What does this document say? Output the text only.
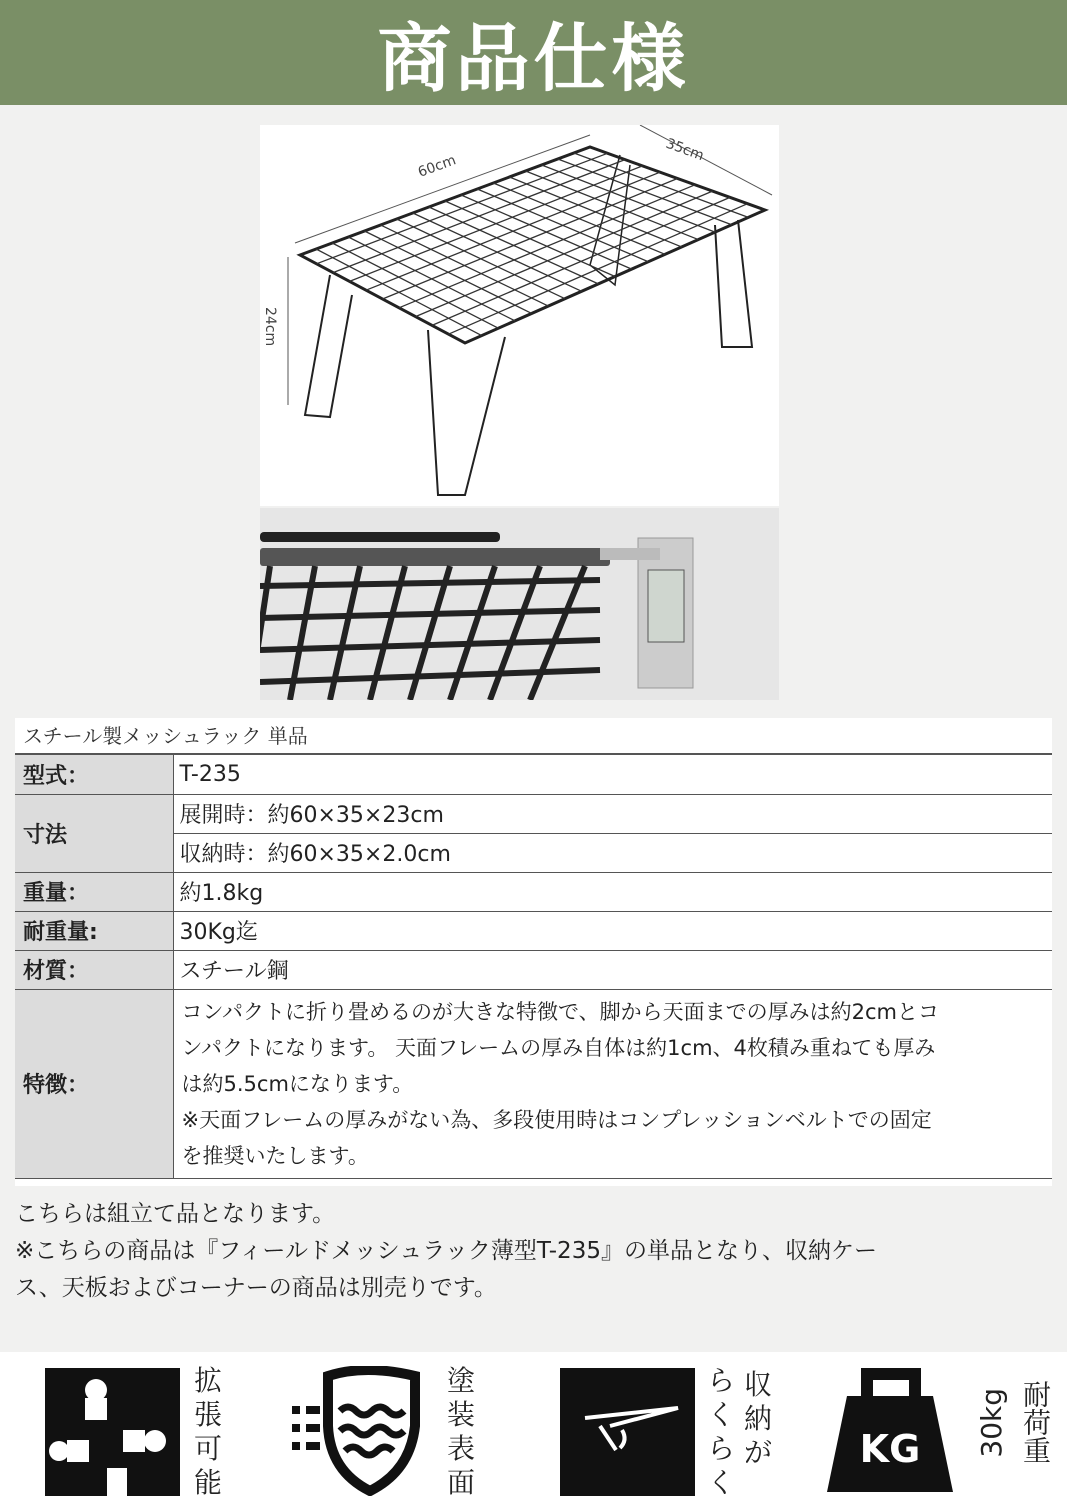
商品仕様
60cm
35cm
24cm
スチール製メッシュラック 単品
型式：	T-235
寸法	展開時：約60×35×23cm
	収納時：約60×35×2.0cm
重量：	約1.8kg
耐重量:	30Kg迄
材質：	スチール鋼
特徴：	コンパクトに折り畳めるのが大きな特徴で、脚から天面までの厚みは約2cmとコ
ンパクトになります。 天面フレームの厚み自体は約1cm、4枚積み重ねても厚み
は約5.5cmになります。
※天面フレームの厚みがない為、多段使用時はコンプレッションベルトでの固定
を推奨いたします。
こちらは組立て品となります。
※こちらの商品は『フィールドメッシュラック薄型T-235』の単品となり、収納ケー
ス、天板およびコーナーの商品は別売りです。
拡
張
可
能
塗
装
表
面
収
納
が
ら
く
ら
く
KG	耐荷重
30kg
